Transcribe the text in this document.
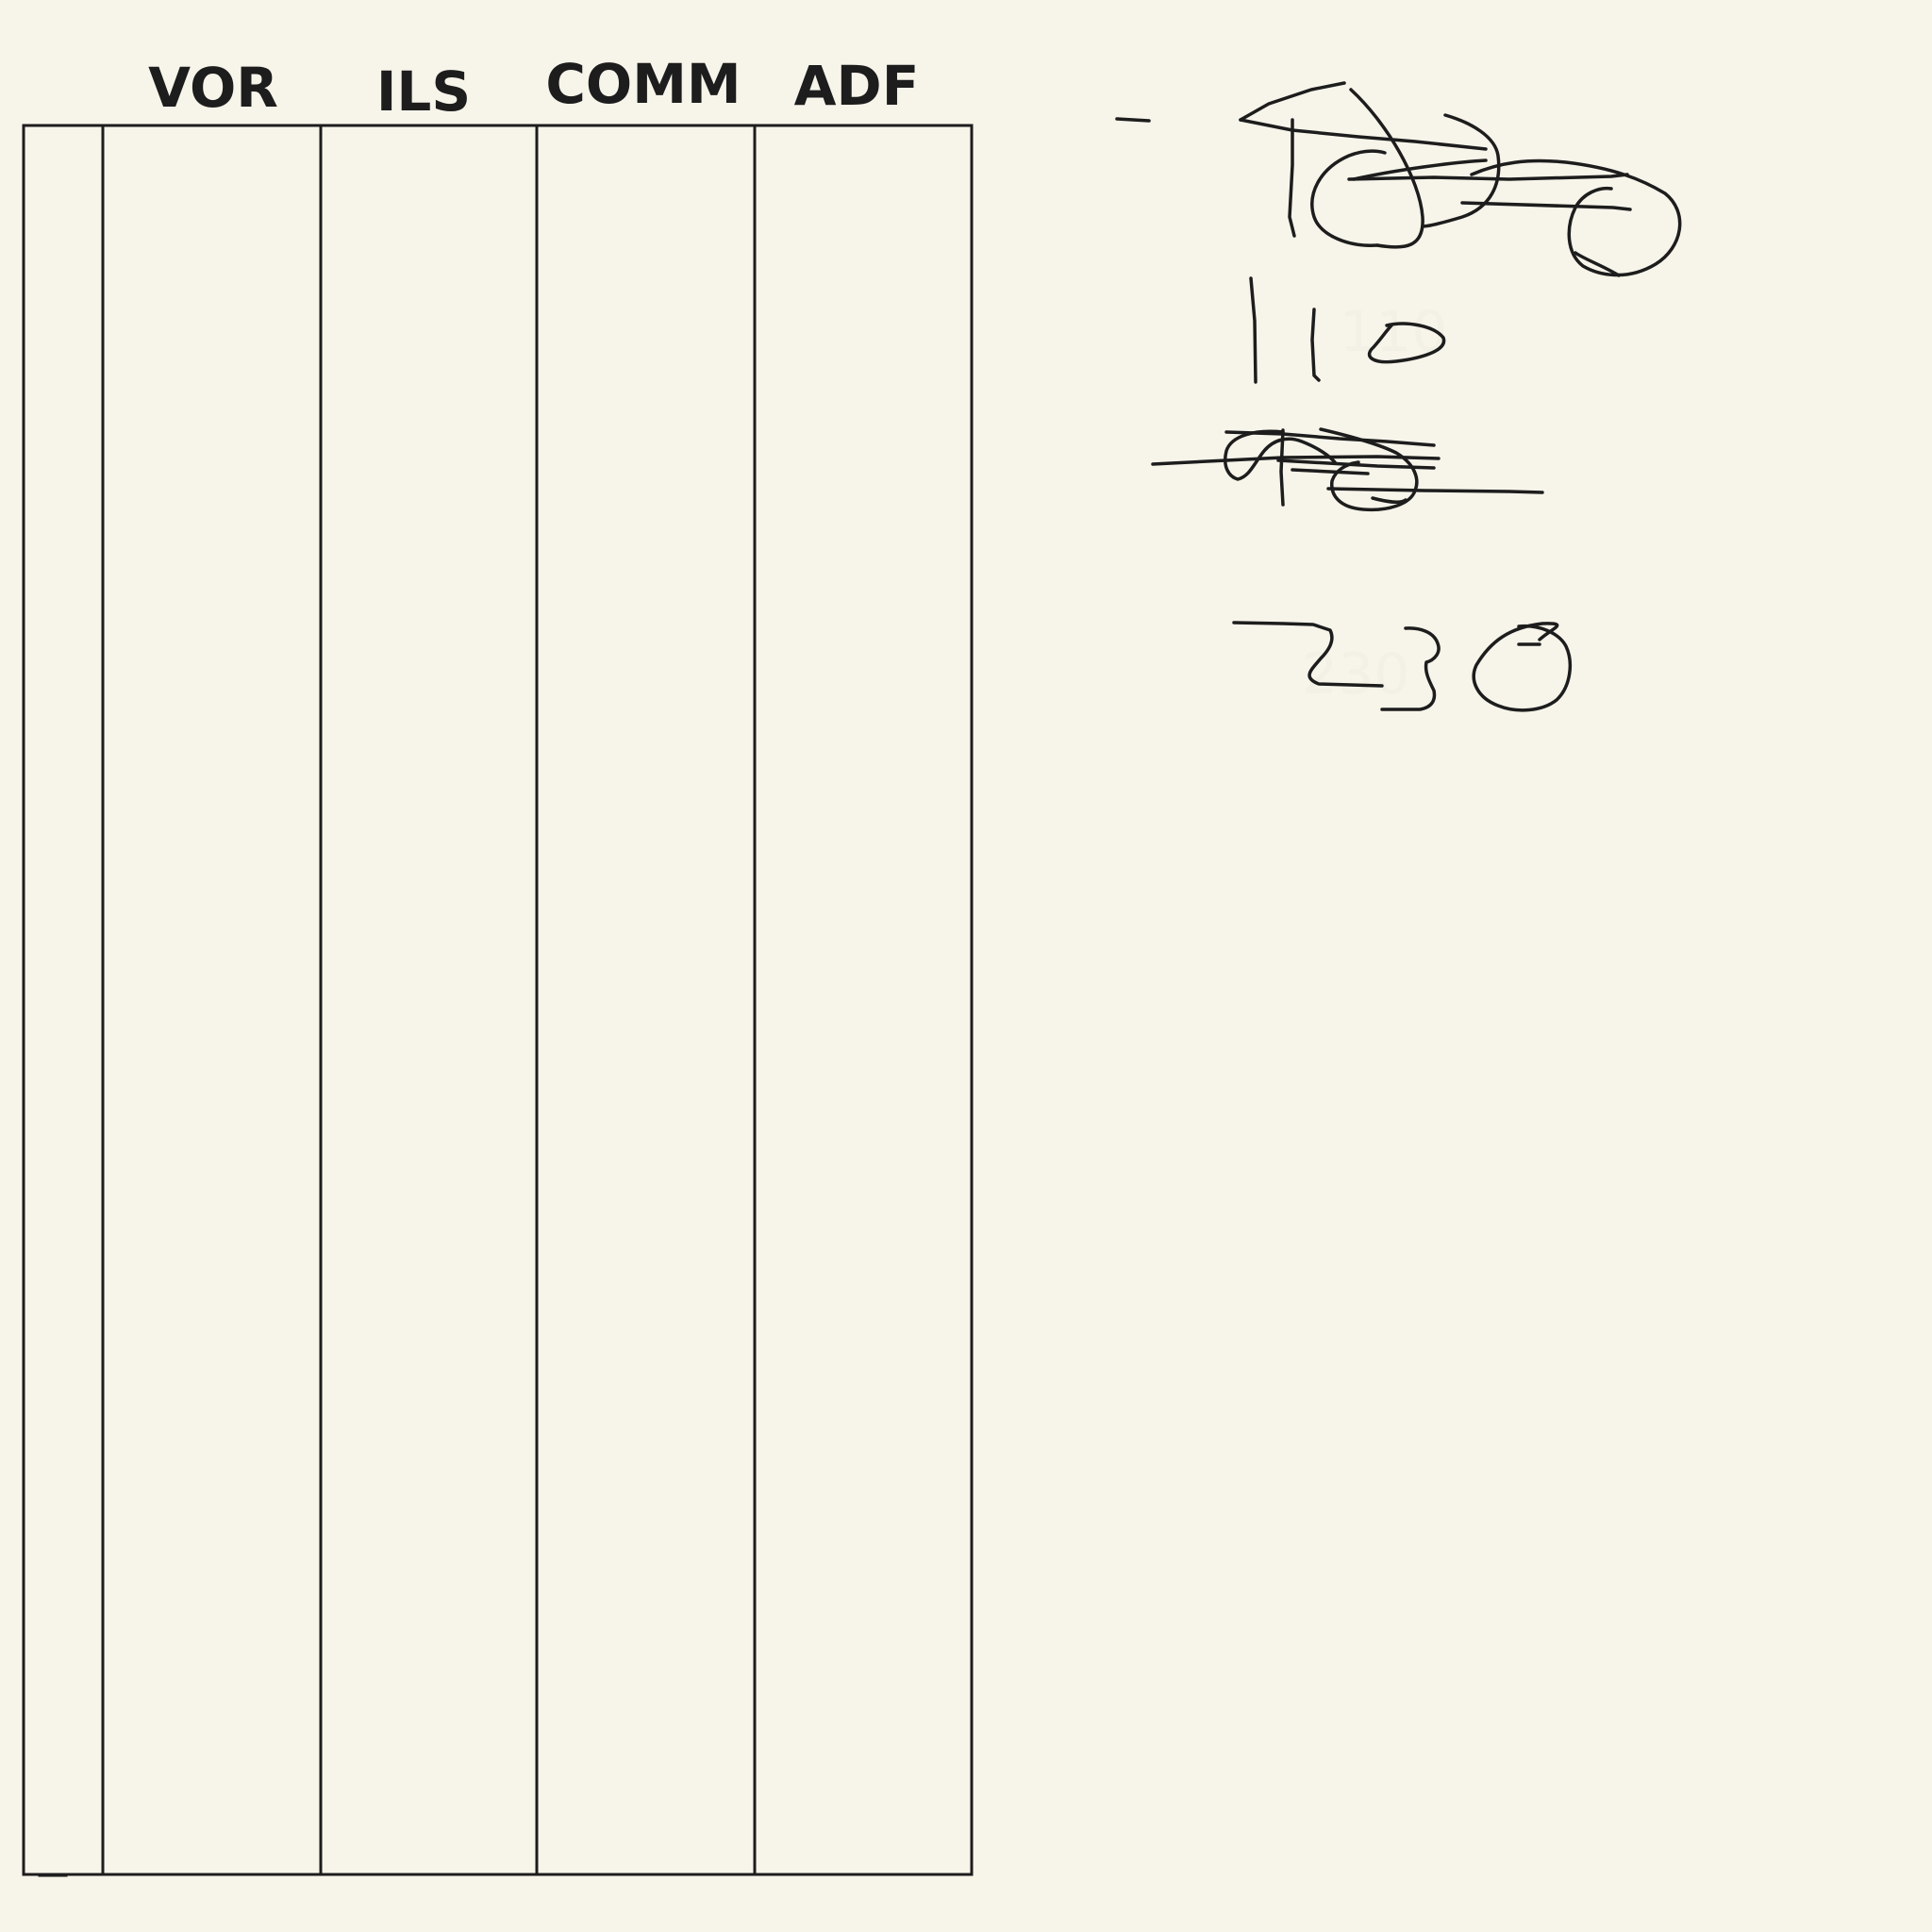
VOR ILS COMM ADF
110
230
